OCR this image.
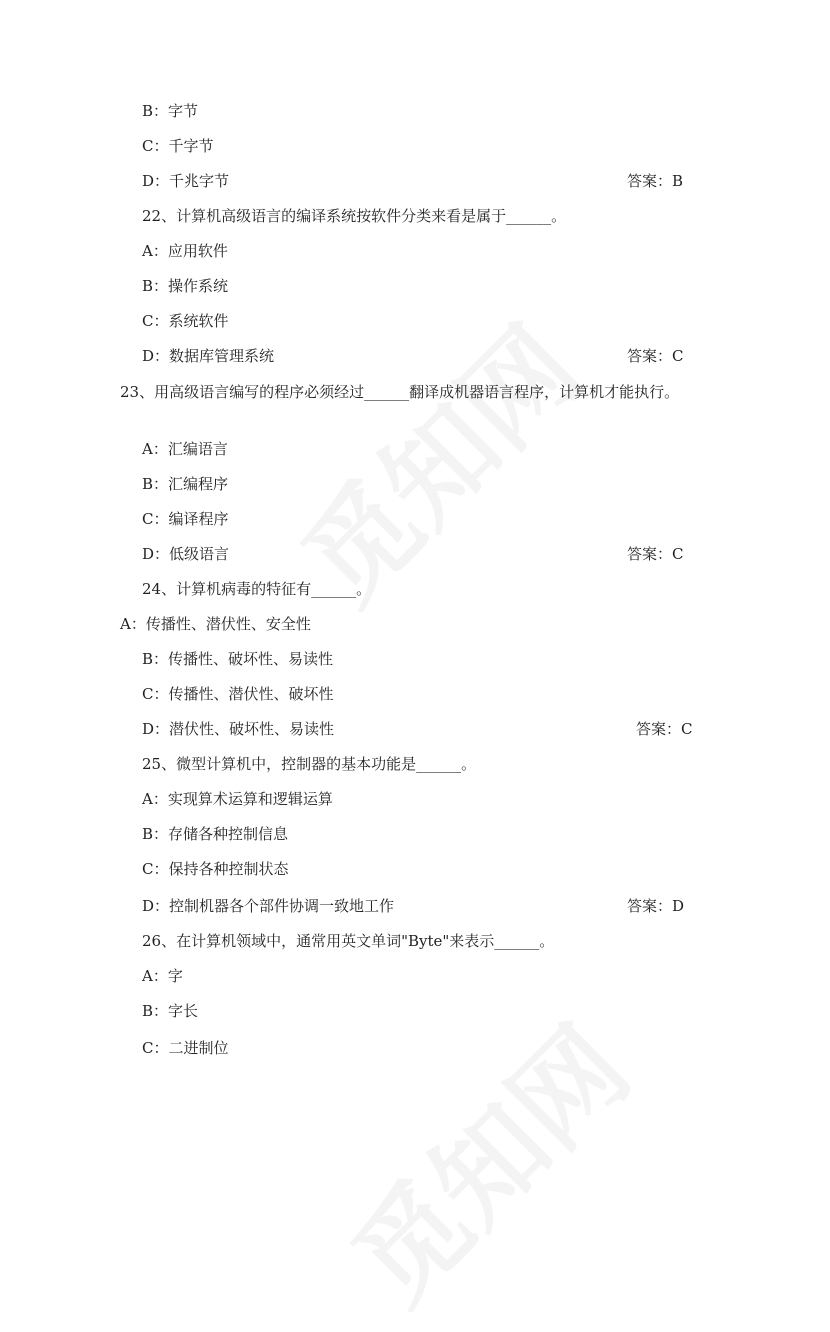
B：字节
C：千字节
D：千兆字节	答案：B
22、计算机高级语言的编译系统按软件分类来看是属于______。
A：应用软件
B：操作系统
C：系统软件
D：数据库管理系统	答案：C
23、用高级语言编写的程序必须经过______翻译成机器语言程序，计算机才能执行。
A：汇编语言
B：汇编程序
C：编译程序
D：低级语言	答案：C
24、计算机病毒的特征有______。
A：传播性、潜伏性、安全性
B：传播性、破坏性、易读性
C：传播性、潜伏性、破坏性
D：潜伏性、破坏性、易读性	答案：C
25、微型计算机中，控制器的基本功能是______。
A：实现算术运算和逻辑运算
B：存储各种控制信息
C：保持各种控制状态
D：控制机器各个部件协调一致地工作	答案：D
26、在计算机领域中，通常用英文单词"Byte"来表示______。
A：字
B：字长
C：二进制位
